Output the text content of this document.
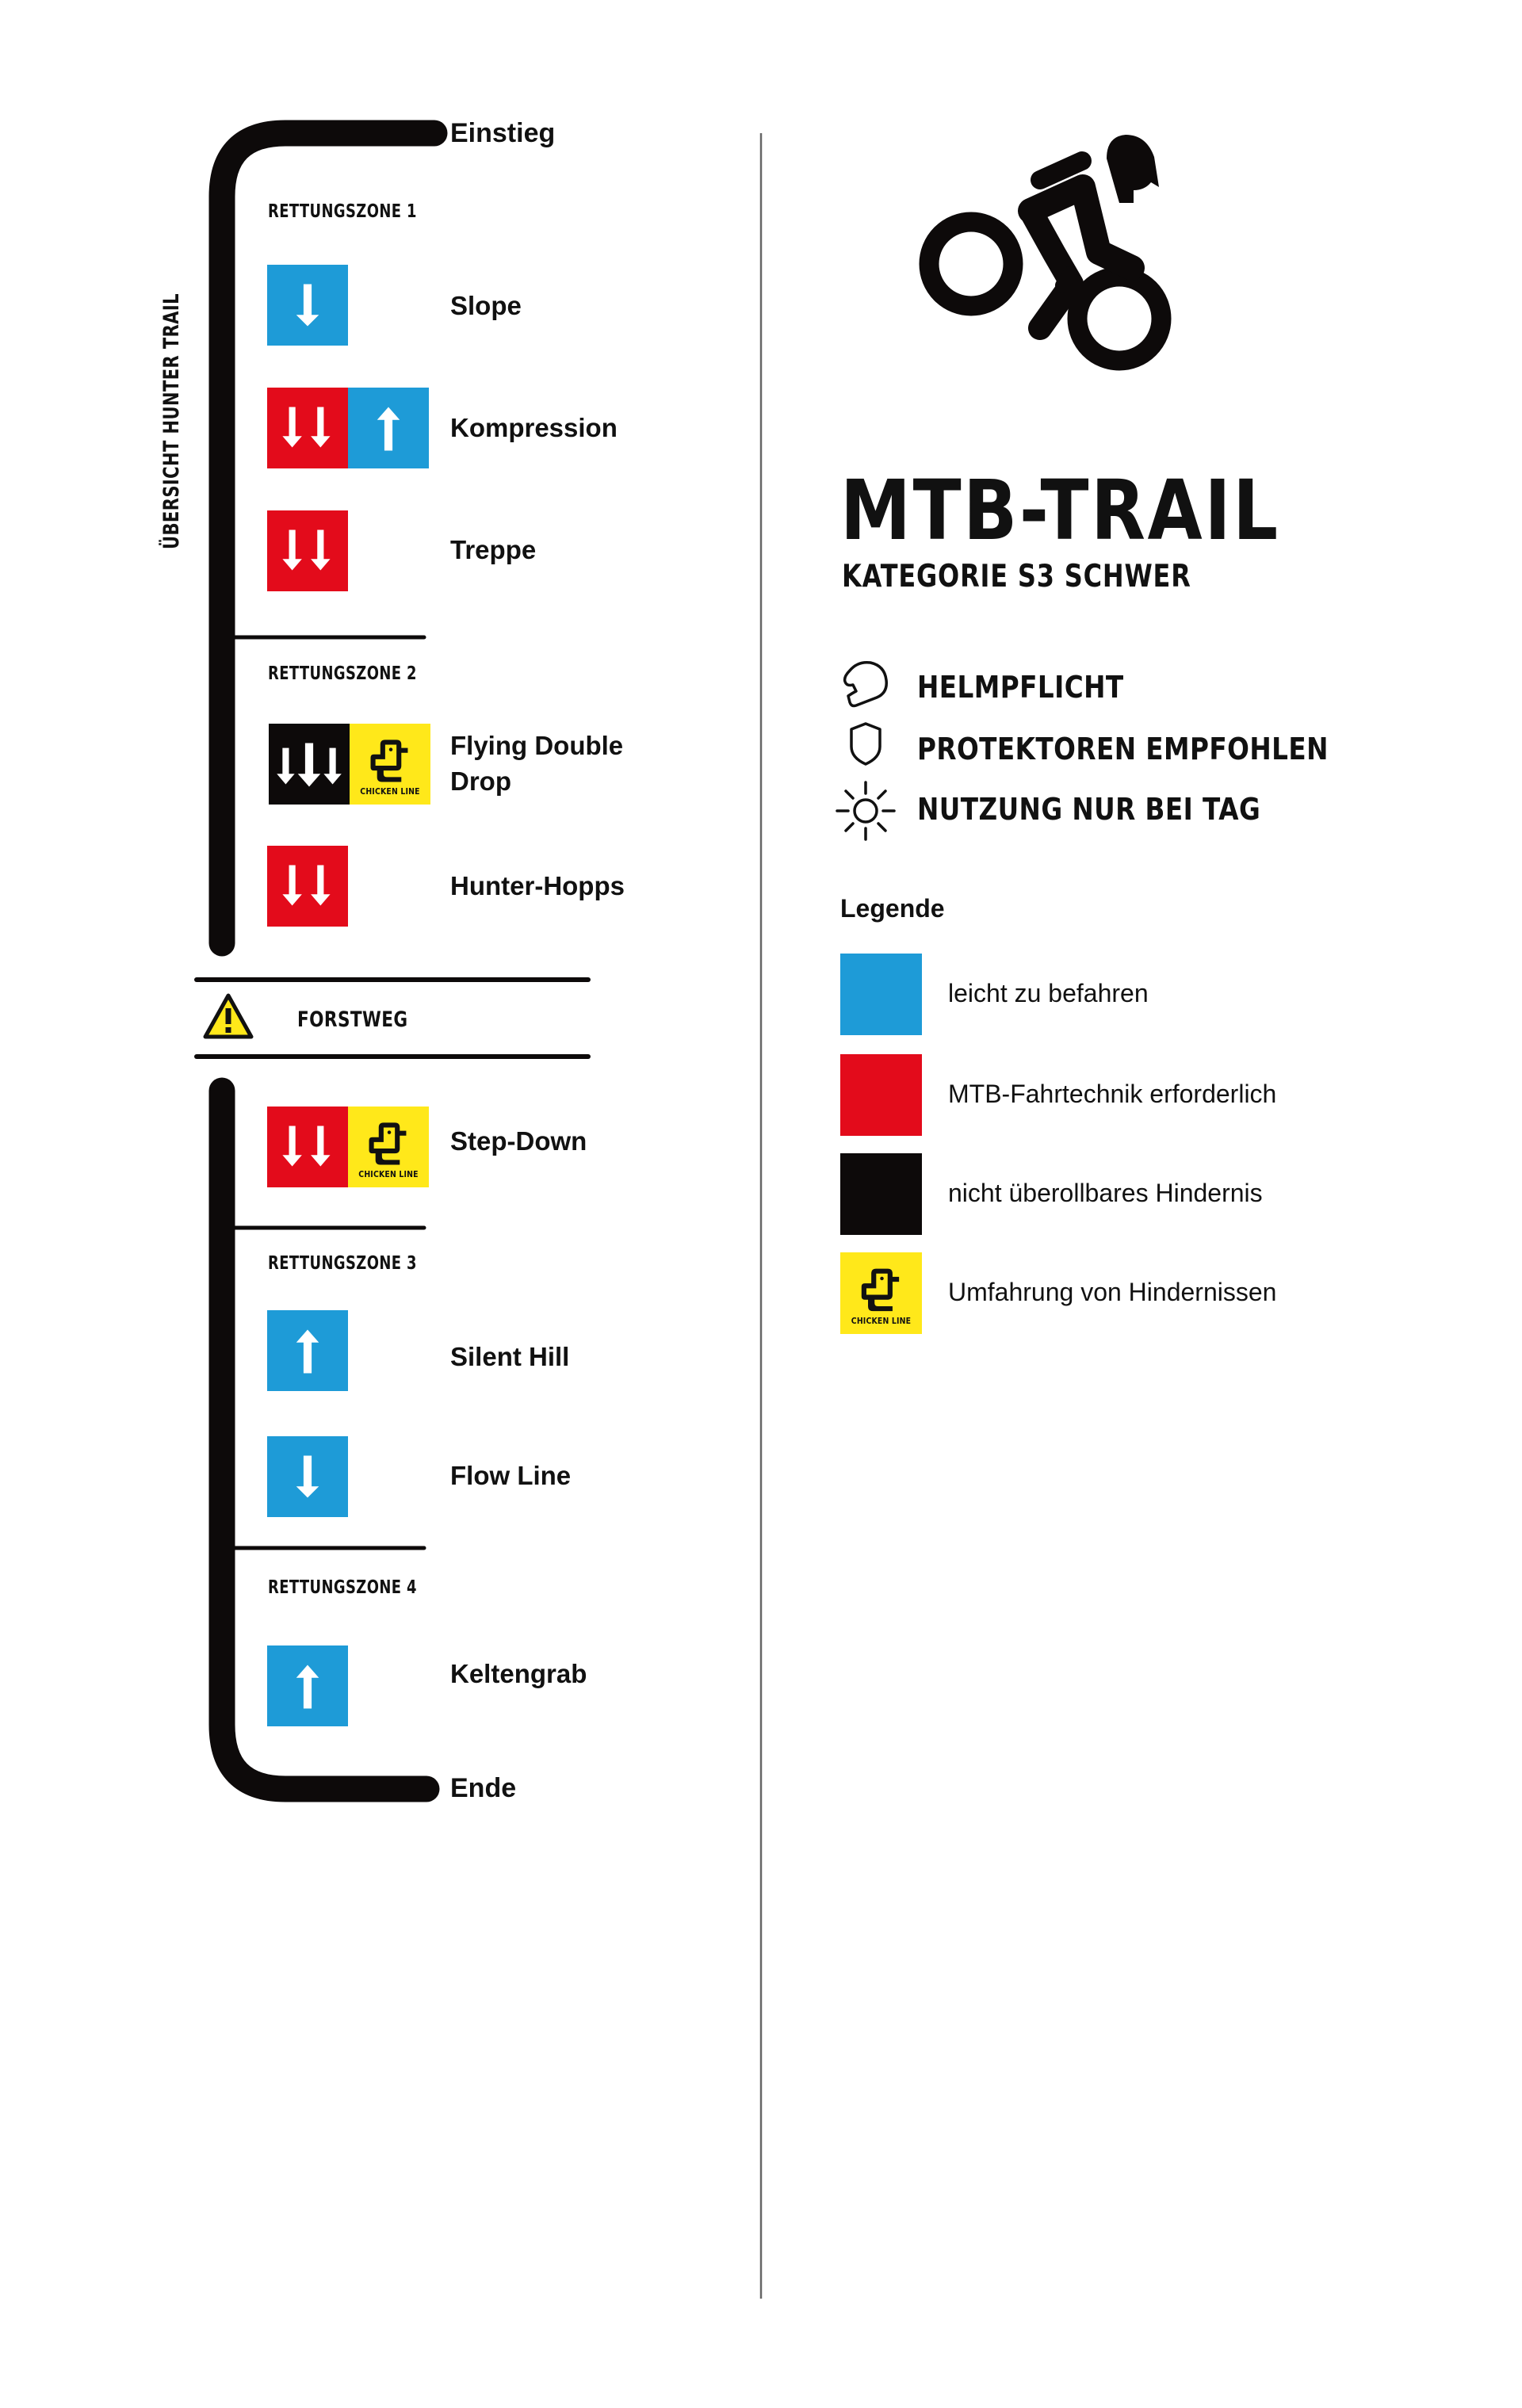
ÜBERSICHT HUNTER TRAIL
Einstieg
Ende
RETTUNGSZONE 1
RETTUNGSZONE 2
RETTUNGSZONE 3
RETTUNGSZONE 4
Slope
Kompression
Treppe
CHICKEN LINE
Flying Double
Drop
Hunter-Hopps
FORSTWEG
CHICKEN LINE
Step-Down
Silent Hill
Flow Line
Keltengrab
MTB-TRAIL
KATEGORIE S3 SCHWER
HELMPFLICHT
PROTEKTOREN EMPFOHLEN
NUTZUNG NUR BEI TAG
Legende
leicht zu befahren
MTB-Fahrtechnik erforderlich
nicht überollbares Hindernis
CHICKEN LINE
Umfahrung von Hindernissen
